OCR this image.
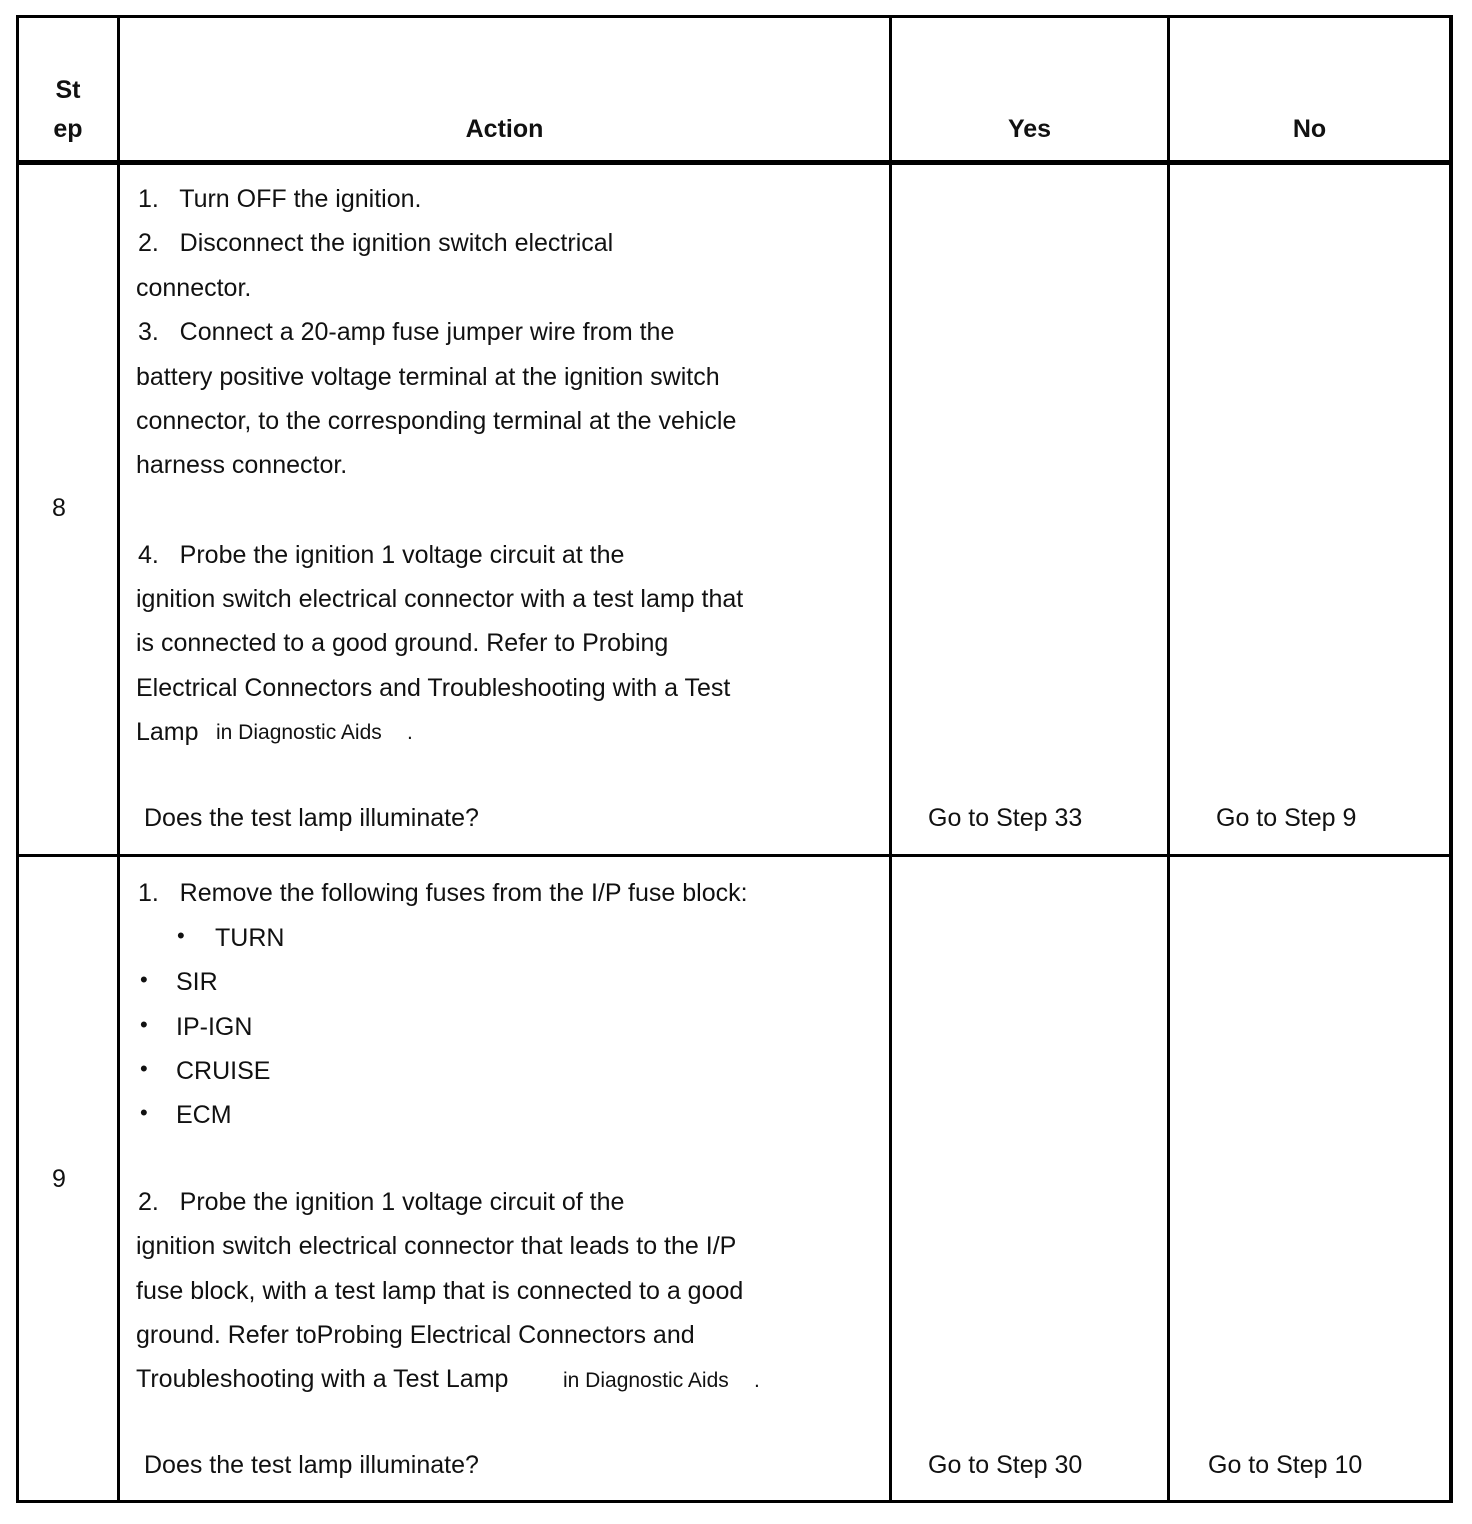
St
ep	Action	Yes	No
8
1.   Turn OFF the ignition.
2.   Disconnect the ignition switch electrical
connector.
3.   Connect a 20-amp fuse jumper wire from the
battery positive voltage terminal at the ignition switch
connector, to the corresponding terminal at the vehicle
harness connector.
4.   Probe the ignition 1 voltage circuit at the
ignition switch electrical connector with a test lamp that
is connected to a good ground. Refer to Probing
Electrical Connectors and Troubleshooting with a Test
Lamp in Diagnostic Aids .
Does the test lamp illuminate?	Go to Step 33	Go to Step 9
9
1.   Remove the following fuses from the I/P fuse block:
• TURN
• SIR
• IP-IGN
• CRUISE
• ECM
2.   Probe the ignition 1 voltage circuit of the
ignition switch electrical connector that leads to the I/P
fuse block, with a test lamp that is connected to a good
ground. Refer toProbing Electrical Connectors and
Troubleshooting with a Test Lamp	in Diagnostic Aids .
Does the test lamp illuminate?	Go to Step 30	Go to Step 10
